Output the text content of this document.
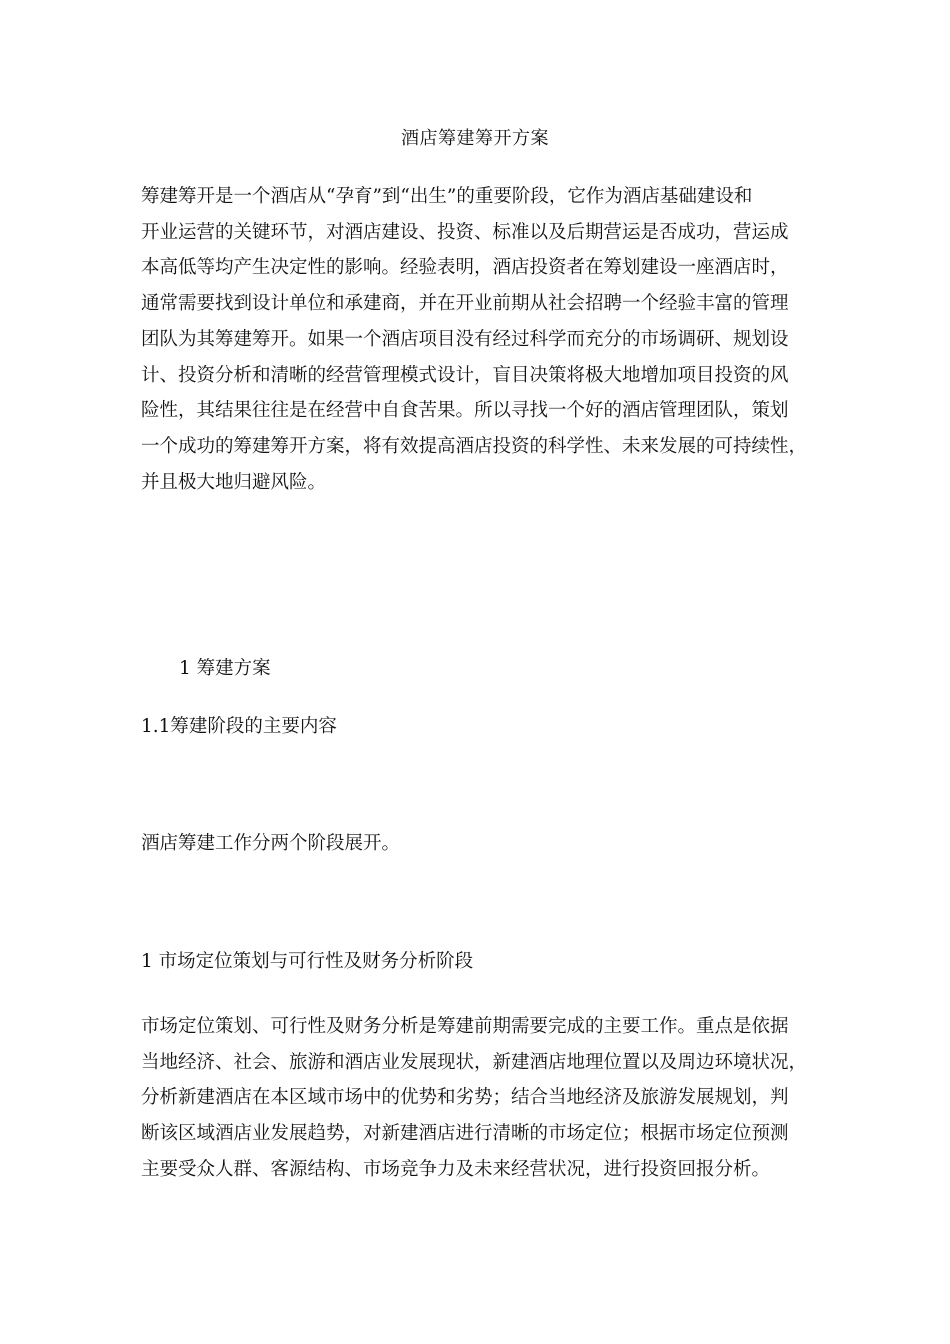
酒店筹建筹开方案

筹建筹开是一个酒店从“孕育”到“出生”的重要阶段，它作为酒店基础建设和
开业运营的关键环节，对酒店建设、投资、标准以及后期营运是否成功，营运成
本高低等均产生决定性的影响。经验表明，酒店投资者在筹划建设一座酒店时，
通常需要找到设计单位和承建商，并在开业前期从社会招聘一个经验丰富的管理
团队为其筹建筹开。如果一个酒店项目没有经过科学而充分的市场调研、规划设
计、投资分析和清晰的经营管理模式设计，盲目决策将极大地增加项目投资的风
险性，其结果往往是在经营中自食苦果。所以寻找一个好的酒店管理团队，策划
一个成功的筹建筹开方案，将有效提高酒店投资的科学性、未来发展的可持续性，
并且极大地归避风险。

1 筹建方案
1.1筹建阶段的主要内容
酒店筹建工作分两个阶段展开。
1 市场定位策划与可行性及财务分析阶段

市场定位策划、可行性及财务分析是筹建前期需要完成的主要工作。重点是依据
当地经济、社会、旅游和酒店业发展现状，新建酒店地理位置以及周边环境状况，
分析新建酒店在本区域市场中的优势和劣势；结合当地经济及旅游发展规划，判
断该区域酒店业发展趋势，对新建酒店进行清晰的市场定位；根据市场定位预测
主要受众人群、客源结构、市场竞争力及未来经营状况，进行投资回报分析。
